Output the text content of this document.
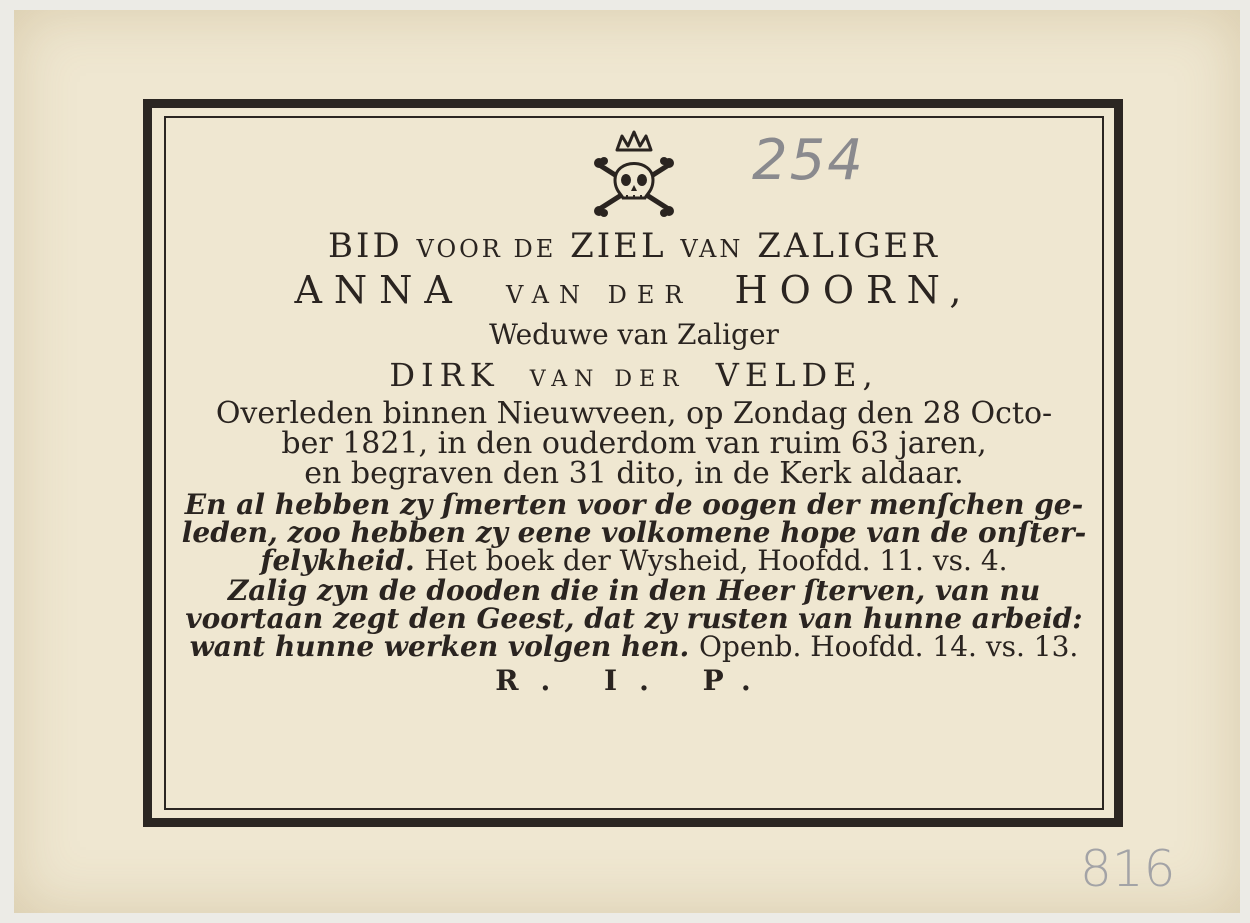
254
816
BID VOOR DE ZIEL VAN ZALIGER
ANNA VAN DER HOORN,
Weduwe van Zaliger
DIRK VAN DER VELDE,
Overleden binnen Nieuwveen, op Zondag den 28 Octo-
ber 1821, in den ouderdom van ruim 63 jaren,
en begraven den 31 dito, in de Kerk aldaar.
En al hebben zy ſmerten voor de oogen der menſchen ge-
leden, zoo hebben zy eene volkomene hope van de onſter-
felykheid. Het boek der Wysheid, Hoofdd. 11. vs. 4.
Zalig zyn de dooden die in den Heer ſterven, van nu
voortaan zegt den Geest, dat zy rusten van hunne arbeid:
want hunne werken volgen hen. Openb. Hoofdd. 14. vs. 13.
R. I. P.
